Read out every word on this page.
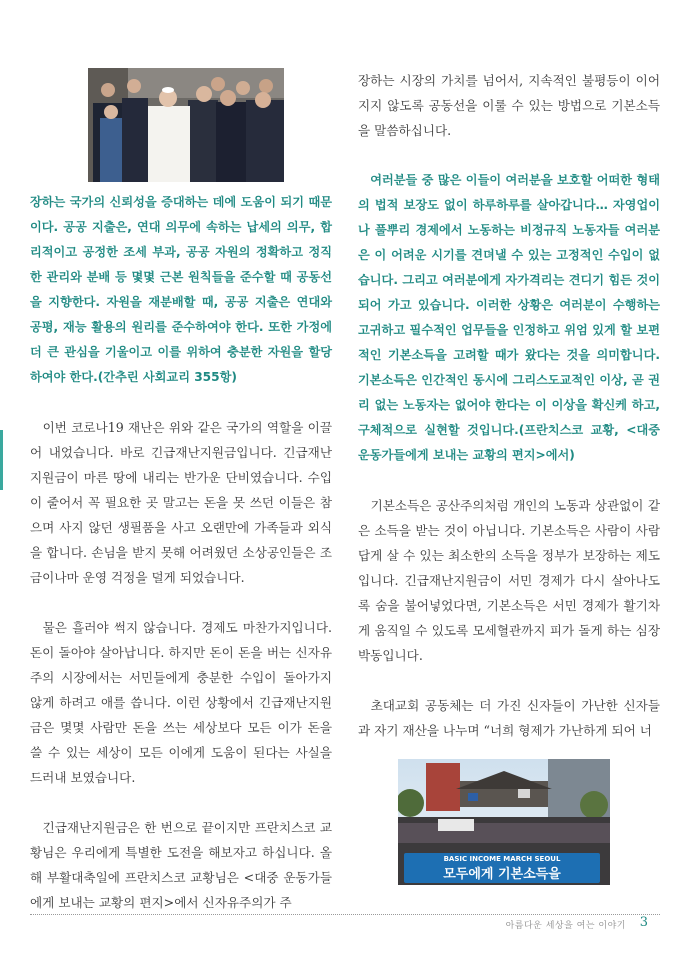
장하는 국가의 신뢰성을 증대하는 데에 도움이 되기 때문이다. 공공 지출은, 연대 의무에 속하는 납세의 의무, 합리적이고 공정한 조세 부과, 공공 자원의 정확하고 정직한 관리와 분배 등 몇몇 근본 원칙들을 준수할 때 공동선을 지향한다. 자원을 재분배할 때, 공공 지출은 연대와 공평, 재능 활용의 원리를 준수하여야 한다. 또한 가정에 더 큰 관심을 기울이고 이를 위하여 충분한 자원을 할당하여야 한다.(간추린 사회교리 355항)

이번 코로나19 재난은 위와 같은 국가의 역할을 이끌어 내었습니다. 바로 긴급재난지원금입니다. 긴급재난지원금이 마른 땅에 내리는 반가운 단비였습니다. 수입이 줄어서 꼭 필요한 곳 말고는 돈을 못 쓰던 이들은 참으며 사지 않던 생필품을 사고 오랜만에 가족들과 외식을 합니다. 손님을 받지 못해 어려웠던 소상공인들은 조금이나마 운영 걱정을 덜게 되었습니다.

물은 흘러야 썩지 않습니다. 경제도 마찬가지입니다. 돈이 돌아야 살아납니다. 하지만 돈이 돈을 버는 신자유주의 시장에서는 서민들에게 충분한 수입이 돌아가지 않게 하려고 애를 씁니다. 이런 상황에서 긴급재난지원금은 몇몇 사람만 돈을 쓰는 세상보다 모든 이가 돈을 쓸 수 있는 세상이 모든 이에게 도움이 된다는 사실을 드러내 보였습니다.

긴급재난지원금은 한 번으로 끝이지만 프란치스코 교황님은 우리에게 특별한 도전을 해보자고 하십니다. 올해 부활대축일에 프란치스코 교황님은 <대중 운동가들에게 보내는 교황의 편지>에서 신자유주의가 주

장하는 시장의 가치를 넘어서, 지속적인 불평등이 이어지지 않도록 공동선을 이룰 수 있는 방법으로 기본소득을 말씀하십니다.

여러분들 중 많은 이들이 여러분을 보호할 어떠한 형태의 법적 보장도 없이 하루하루를 살아갑니다… 자영업이나 풀뿌리 경제에서 노동하는 비정규직 노동자들 여러분은 이 어려운 시기를 견뎌낼 수 있는 고정적인 수입이 없습니다. 그리고 여러분에게 자가격리는 견디기 힘든 것이 되어 가고 있습니다. 이러한 상황은 여러분이 수행하는 고귀하고 필수적인 업무들을 인정하고 위엄 있게 할 보편적인 기본소득을 고려할 때가 왔다는 것을 의미합니다. 기본소득은 인간적인 동시에 그리스도교적인 이상, 곧 권리 없는 노동자는 없어야 한다는 이 이상을 확신케 하고, 구체적으로 실현할 것입니다.(프란치스코 교황, <대중 운동가들에게 보내는 교황의 편지>에서)

기본소득은 공산주의처럼 개인의 노동과 상관없이 같은 소득을 받는 것이 아닙니다. 기본소득은 사람이 사람답게 살 수 있는 최소한의 소득을 정부가 보장하는 제도입니다. 긴급재난지원금이 서민 경제가 다시 살아나도록 숨을 불어넣었다면, 기본소득은 서민 경제가 활기차게 움직일 수 있도록 모세혈관까지 피가 돌게 하는 심장박동입니다.

초대교회 공동체는 더 가진 신자들이 가난한 신자들과 자기 재산을 나누며 “너희 형제가 가난하게 되어 너

BASIC INCOME MARCH SEOUL
모두에게 기본소득을
아름다운 세상을 여는 이야기 3
